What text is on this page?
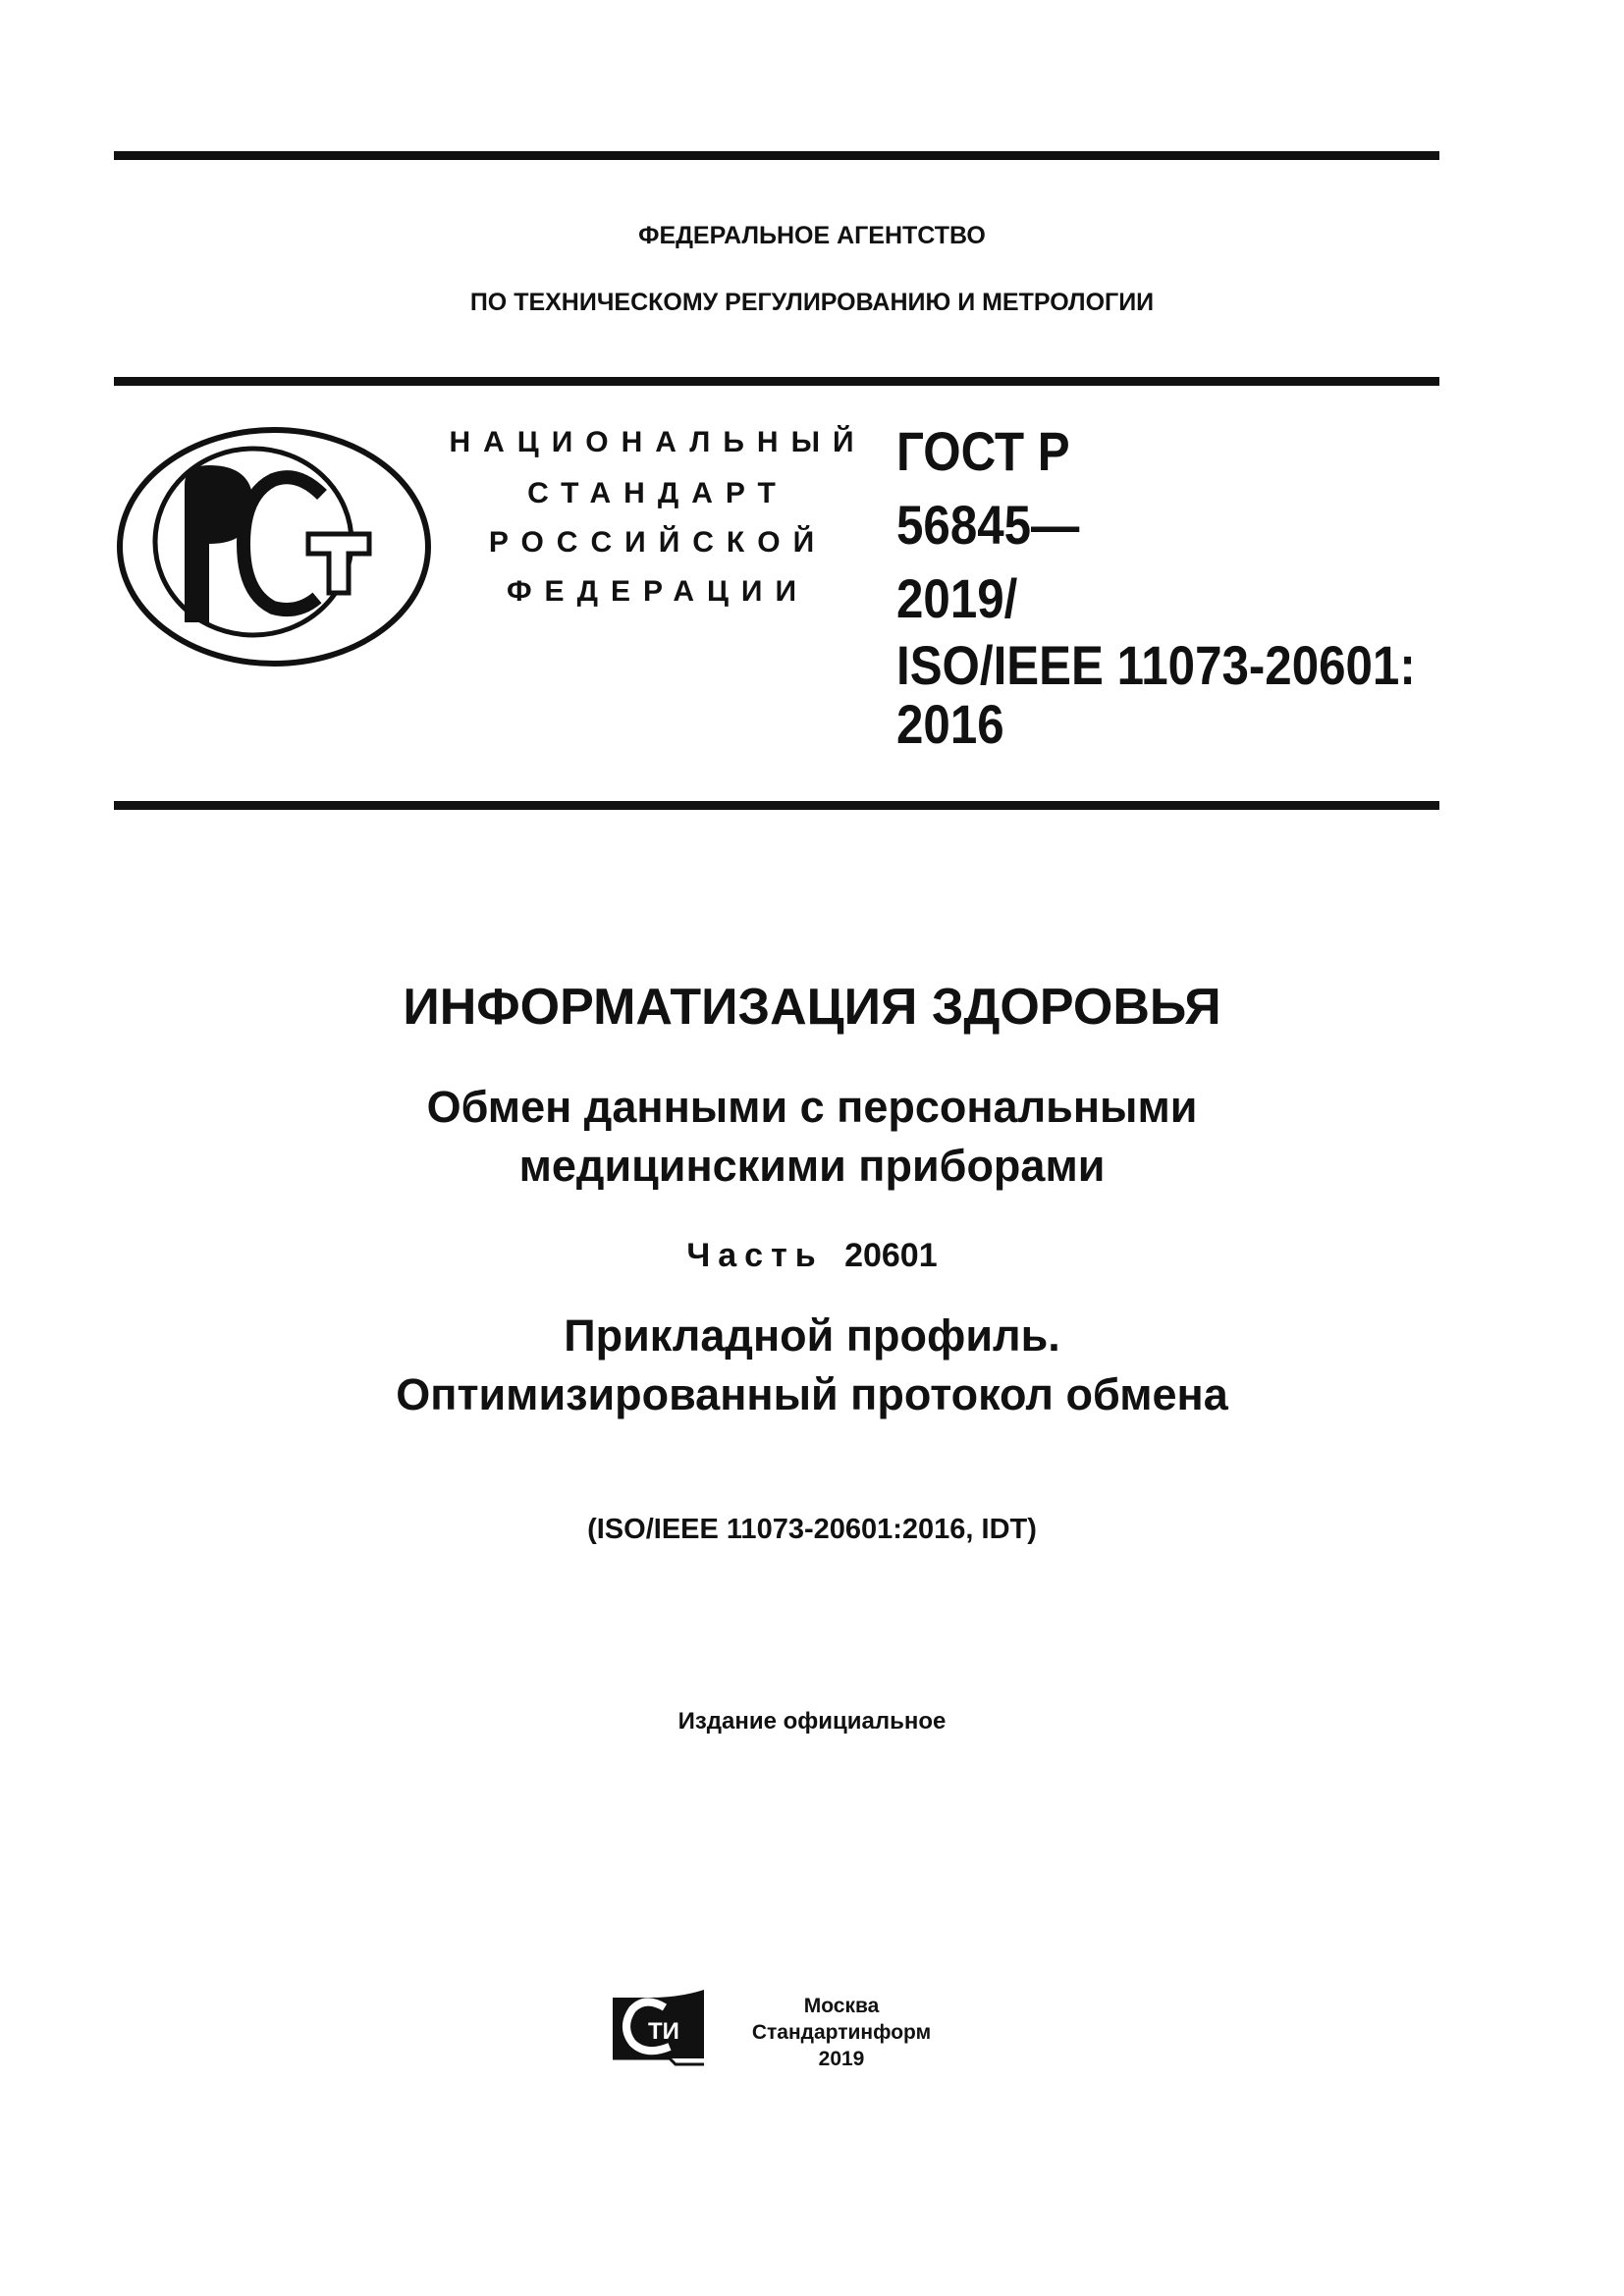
ФЕДЕРАЛЬНОЕ АГЕНТСТВО
ПО ТЕХНИЧЕСКОМУ РЕГУЛИРОВАНИЮ И МЕТРОЛОГИИ
НАЦИОНАЛЬНЫЙ
СТАНДАРТ
РОССИЙСКОЙ
ФЕДЕРАЦИИ
ГОСТ Р
56845—
2019/
ISO/IEEE 11073-20601:
2016
ИНФОРМАТИЗАЦИЯ ЗДОРОВЬЯ
Обмен данными с персональными
медицинскими приборами
Часть 20601
Прикладной профиль.
Оптимизированный протокол обмена
(ISO/IEEE 11073-20601:2016, IDT)
Издание официальное
ТИ
Москва
Стандартинформ
2019
